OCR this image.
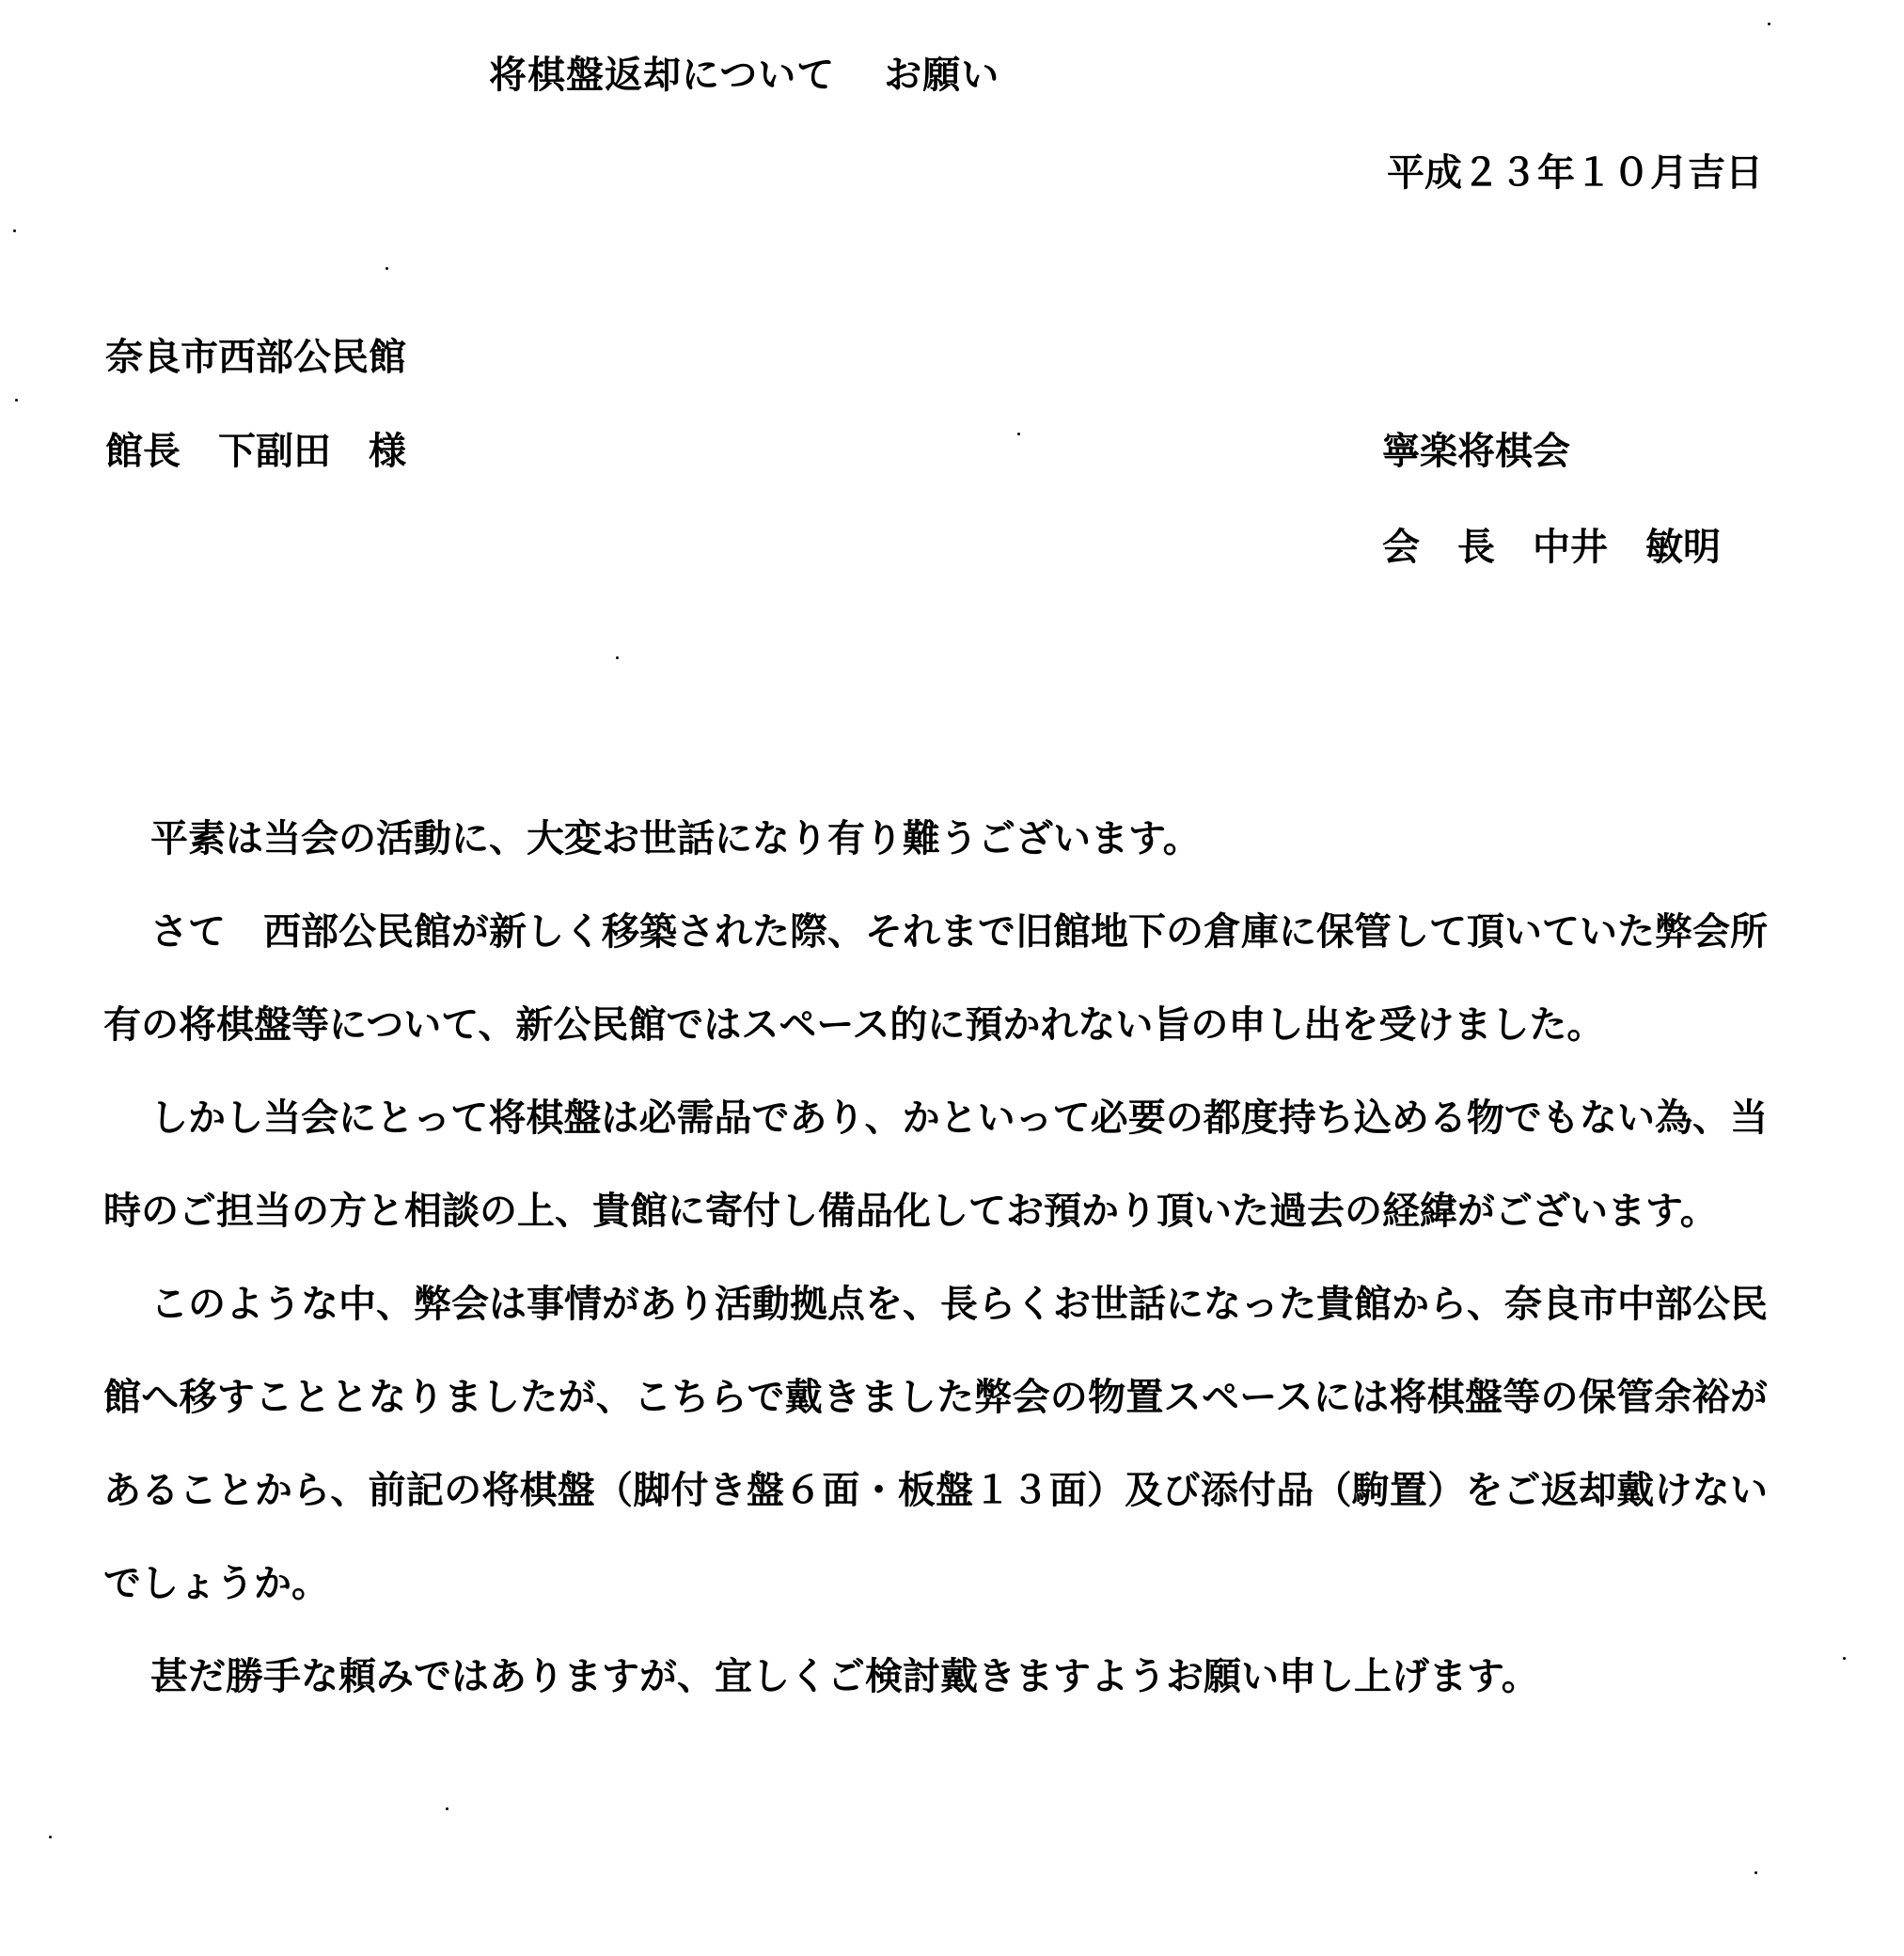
将棋盤返却について お願い
平成２３年１０月吉日
奈良市西部公民館
館長　下副田　様	寧楽将棋会
会　長　中井　敏明

平素は当会の活動に、大変お世話になり有り難うございます。

さて　西部公民館が新しく移築された際、それまで旧館地下の倉庫に保管して頂いていた弊会所有の将棋盤等について、新公民館ではスペース的に預かれない旨の申し出を受けました。

しかし当会にとって将棋盤は必需品であり、かといって必要の都度持ち込める物でもない為、当時のご担当の方と相談の上、貴館に寄付し備品化してお預かり頂いた過去の経緯がございます。

このような中、弊会は事情があり活動拠点を、長らくお世話になった貴館から、奈良市中部公民館へ移すこととなりましたが、こちらで戴きました弊会の物置スペースには将棋盤等の保管余裕があることから、前記の将棋盤（脚付き盤６面・板盤１３面）及び添付品（駒置）をご返却戴けないでしょうか。

甚だ勝手な頼みではありますが、宜しくご検討戴きますようお願い申し上げます。
